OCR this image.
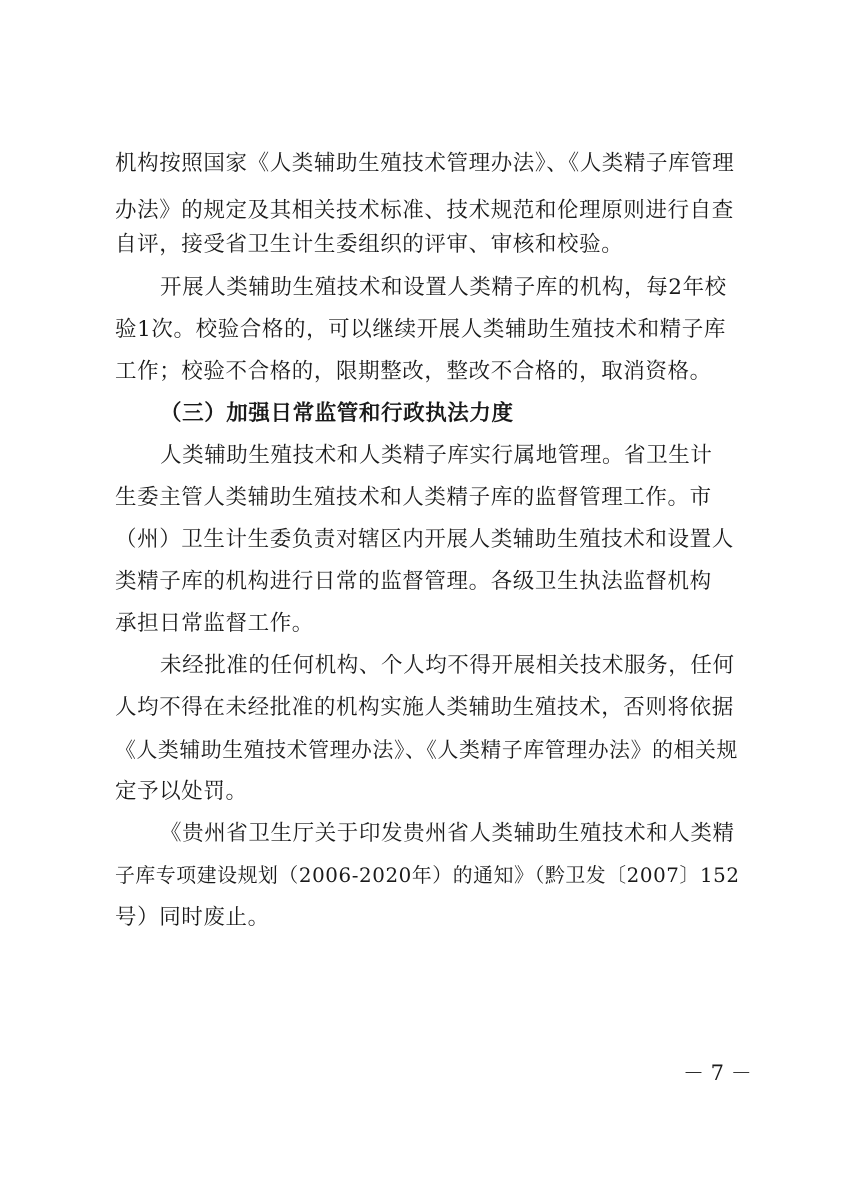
机构按照国家《人类辅助生殖技术管理办法》、《人类精子库管理
办法》的规定及其相关技术标准、技术规范和伦理原则进行自查
自评，接受省卫生计生委组织的评审、审核和校验。
开展人类辅助生殖技术和设置人类精子库的机构，每2年校
验1次。校验合格的，可以继续开展人类辅助生殖技术和精子库
工作；校验不合格的，限期整改，整改不合格的，取消资格。
（三）加强日常监管和行政执法力度
人类辅助生殖技术和人类精子库实行属地管理。省卫生计
生委主管人类辅助生殖技术和人类精子库的监督管理工作。市
（州）卫生计生委负责对辖区内开展人类辅助生殖技术和设置人
类精子库的机构进行日常的监督管理。各级卫生执法监督机构
承担日常监督工作。
未经批准的任何机构、个人均不得开展相关技术服务，任何
人均不得在未经批准的机构实施人类辅助生殖技术，否则将依据
《人类辅助生殖技术管理办法》、《人类精子库管理办法》的相关规
定予以处罚。
《贵州省卫生厅关于印发贵州省人类辅助生殖技术和人类精
子库专项建设规划（2006-2020年）的通知》（黔卫发〔2007〕152
号）同时废止。
－ 7 －
